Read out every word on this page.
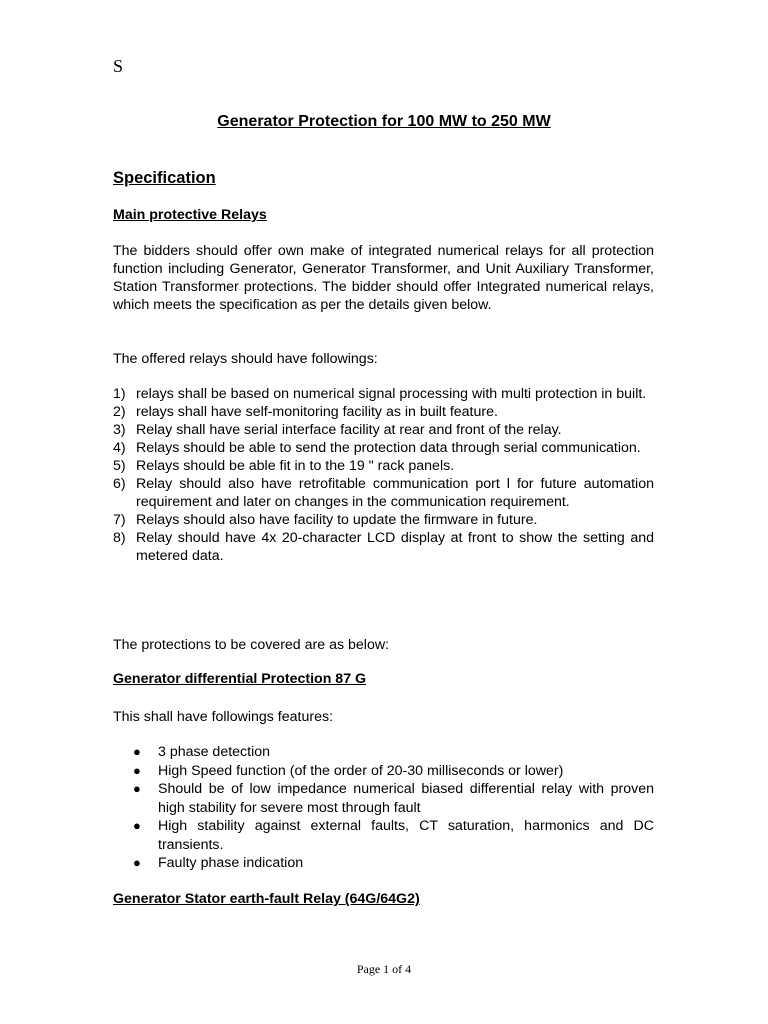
S
Generator Protection for 100 MW to 250 MW
Specification
Main protective Relays
The bidders should offer own make of integrated numerical relays for all protection function including Generator, Generator Transformer, and Unit Auxiliary Transformer, Station Transformer protections. The bidder should offer Integrated numerical relays, which meets the specification as per the details given below.
The offered relays should have followings:
1) relays shall be based on numerical signal processing with multi protection in built.
2) relays shall have self-monitoring facility as in built feature.
3) Relay shall have serial interface facility at rear and front of the relay.
4) Relays should be able to send the protection data through serial communication.
5) Relays should be able fit in to the 19 " rack panels.
6) Relay should also have retrofitable communication port l for future automation requirement and later on changes in the communication requirement.
7) Relays should also have facility to update the firmware in future.
8) Relay should have 4x 20-character LCD display at front to show the setting and metered data.
The protections to be covered are as below:
Generator differential Protection 87 G
This shall have followings features:
● 3 phase detection
● High Speed function (of the order of 20-30 milliseconds or lower)
● Should be of low impedance numerical biased differential relay with proven high stability for severe most through fault
● High stability against external faults, CT saturation, harmonics and DC transients.
● Faulty phase indication
Generator Stator earth-fault Relay (64G/64G2)
Page 1 of 4
